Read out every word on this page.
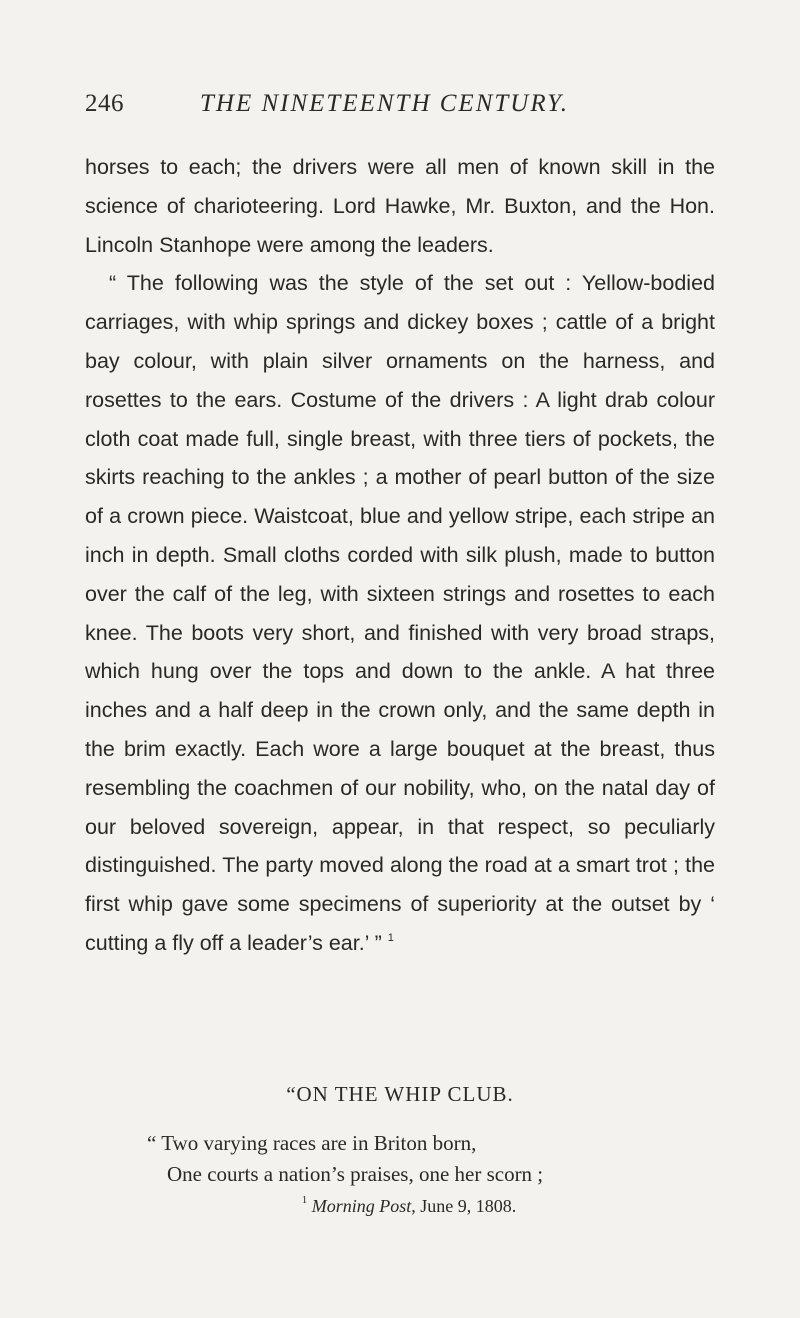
246	THE NINETEENTH CENTURY.

horses to each; the drivers were all men of known skill in the science of charioteering. Lord Hawke, Mr. Buxton, and the Hon. Lincoln Stanhope were among the leaders.

“ The following was the style of the set out : Yellow-bodied carriages, with whip springs and dickey boxes ; cattle of a bright bay colour, with plain silver ornaments on the harness, and rosettes to the ears. Costume of the drivers : A light drab colour cloth coat made full, single breast, with three tiers of pockets, the skirts reaching to the ankles ; a mother of pearl button of the size of a crown piece. Waistcoat, blue and yellow stripe, each stripe an inch in depth. Small cloths corded with silk plush, made to button over the calf of the leg, with sixteen strings and rosettes to each knee. The boots very short, and finished with very broad straps, which hung over the tops and down to the ankle. A hat three inches and a half deep in the crown only, and the same depth in the brim exactly. Each wore a large bouquet at the breast, thus resembling the coachmen of our nobility, who, on the natal day of our beloved sovereign, appear, in that respect, so peculiarly distinguished. The party moved along the road at a smart trot ; the first whip gave some specimens of superiority at the outset by ‘ cutting a fly off a leader’s ear.’ ” $^1$

“ON THE WHIP CLUB.
“ Two varying races are in Briton born,
One courts a nation’s praises, one her scorn ;
$^1$ Morning Post, June 9, 1808.
